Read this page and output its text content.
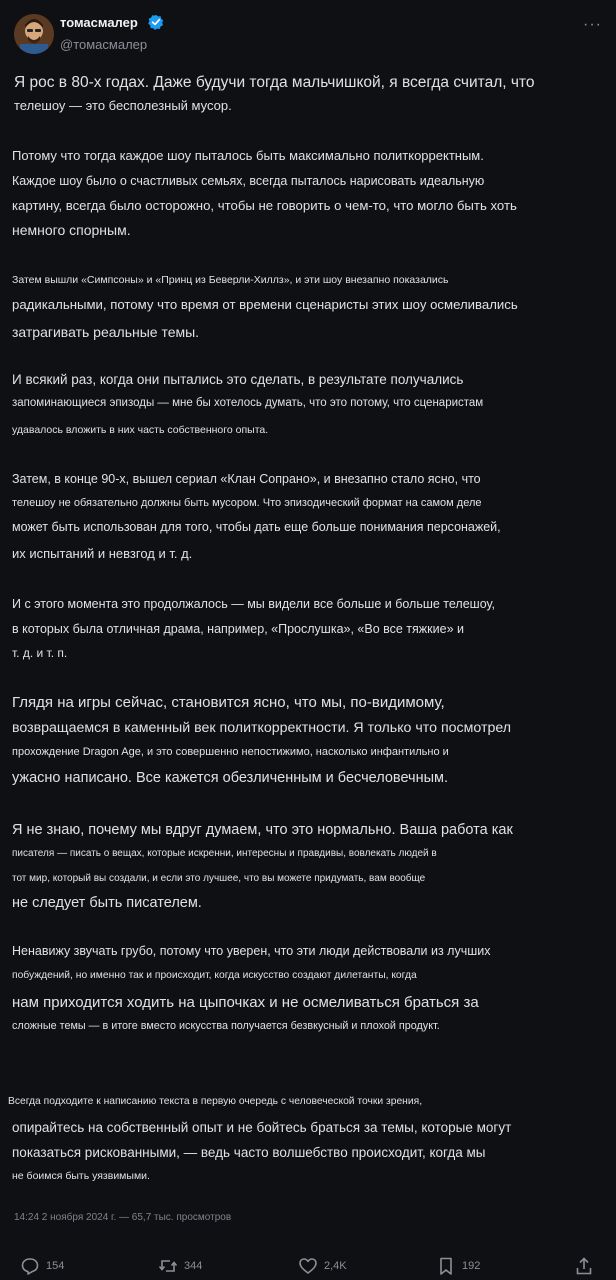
томасмалер
@томасмалер
···
Я рос в 80-х годах. Даже будучи тогда мальчишкой, я всегда считал, что
телешоу — это бесполезный мусор.
Потому что тогда каждое шоу пыталось быть максимально политкорректным.
Каждое шоу было о счастливых семьях, всегда пыталось нарисовать идеальную
картину, всегда было осторожно, чтобы не говорить о чем-то, что могло быть хоть
немного спорным.
Затем вышли «Симпсоны» и «Принц из Беверли-Хиллз», и эти шоу внезапно показались
радикальными, потому что время от времени сценаристы этих шоу осмеливались
затрагивать реальные темы.
И всякий раз, когда они пытались это сделать, в результате получались
запоминающиеся эпизоды — мне бы хотелось думать, что это потому, что сценаристам
удавалось вложить в них часть собственного опыта.
Затем, в конце 90-х, вышел сериал «Клан Сопрано», и внезапно стало ясно, что
телешоу не обязательно должны быть мусором. Что эпизодический формат на самом деле
может быть использован для того, чтобы дать еще больше понимания персонажей,
их испытаний и невзгод и т. д.
И с этого момента это продолжалось — мы видели все больше и больше телешоу,
в которых была отличная драма, например, «Прослушка», «Во все тяжкие» и
т. д. и т. п.
Глядя на игры сейчас, становится ясно, что мы, по-видимому,
возвращаемся в каменный век политкорректности. Я только что посмотрел
прохождение Dragon Age, и это совершенно непостижимо, насколько инфантильно и
ужасно написано. Все кажется обезличенным и бесчеловечным.
Я не знаю, почему мы вдруг думаем, что это нормально. Ваша работа как
писателя — писать о вещах, которые искренни, интересны и правдивы, вовлекать людей в
тот мир, который вы создали, и если это лучшее, что вы можете придумать, вам вообще
не следует быть писателем.
Ненавижу звучать грубо, потому что уверен, что эти люди действовали из лучших
побуждений, но именно так и происходит, когда искусство создают дилетанты, когда
нам приходится ходить на цыпочках и не осмеливаться браться за
сложные темы — в итоге вместо искусства получается безвкусный и плохой продукт.
Всегда подходите к написанию текста в первую очередь с человеческой точки зрения,
опирайтесь на собственный опыт и не бойтесь браться за темы, которые могут
показаться рискованными, — ведь часто волшебство происходит, когда мы
не боимся быть уязвимыми.
14:24 2 ноября 2024 г. — 65,7 тыс. просмотров
154	344	2,4K	192
